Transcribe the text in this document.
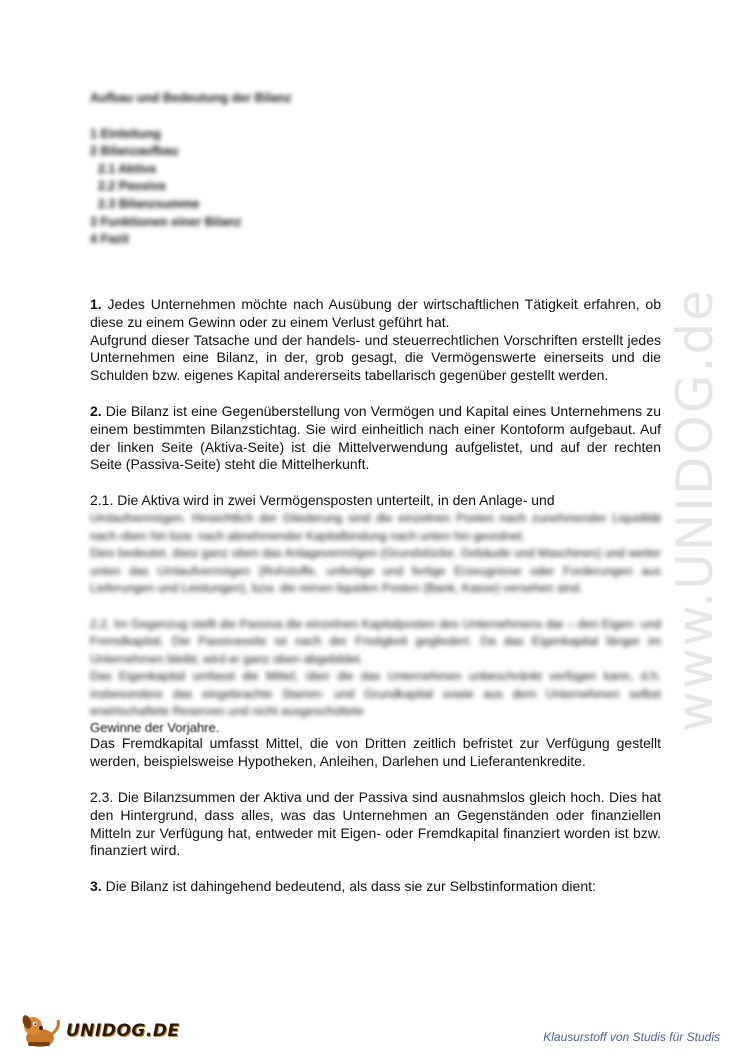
Aufbau und Bedeutung der Bilanz
1 Einleitung
2 Bilanzaufbau
2.1 Aktiva
2.2 Passiva
2.3 Bilanzsumme
3 Funktionen einer Bilanz
4 Fazit
www.UNIDOG.de

1. Jedes Unternehmen möchte nach Ausübung der wirtschaftlichen Tätigkeit erfahren, ob diese zu einem Gewinn oder zu einem Verlust geführt hat.

Aufgrund dieser Tatsache und der handels- und steuerrechtlichen Vorschriften erstellt jedes Unternehmen eine Bilanz, in der, grob gesagt, die Vermögenswerte einerseits und die Schulden bzw. eigenes Kapital andererseits tabellarisch gegenüber gestellt werden.

2. Die Bilanz ist eine Gegenüberstellung von Vermögen und Kapital eines Unternehmens zu einem bestimmten Bilanzstichtag. Sie wird einheitlich nach einer Kontoform aufgebaut. Auf der linken Seite (Aktiva-Seite) ist die Mittelverwendung aufgelistet, und auf der rechten Seite (Passiva-Seite) steht die Mittelherkunft.

2.1. Die Aktiva wird in zwei Vermögensposten unterteilt, in den Anlage- und

Umlaufvermögen. Hinsichtlich der Gliederung sind die einzelnen Posten nach zunehmender Liquidität nach oben hin bzw. nach abnehmender Kapitalbindung nach unten hin geordnet.

Dies bedeutet, dass ganz oben das Anlagevermögen (Grundstücke, Gebäude und Maschinen) und weiter unten das Umlaufvermögen (Rohstoffe, unfertige und fertige Erzeugnisse oder Forderungen aus Lieferungen und Leistungen), bzw. die reinen liquiden Posten (Bank, Kasse) versehen sind.

2.2. Im Gegenzug stellt die Passiva die einzelnen Kapitalposten des Unternehmens dar – den Eigen- und Fremdkapital. Die Passivaseite ist nach der Fristigkeit gegliedert. Da das Eigenkapital länger im Unternehmen bleibt, wird er ganz oben abgebildet.

Das Eigenkapital umfasst die Mittel, über die das Unternehmen unbeschränkt verfügen kann, d.h. insbesondere das eingebrachte Stamm- und Grundkapital sowie aus dem Unternehmen selbst erwirtschaftete Reserven und nicht ausgeschüttete

Gewinne der Vorjahre.

Das Fremdkapital umfasst Mittel, die von Dritten zeitlich befristet zur Verfügung gestellt werden, beispielsweise Hypotheken, Anleihen, Darlehen und Lieferantenkredite.

2.3. Die Bilanzsummen der Aktiva und der Passiva sind ausnahmslos gleich hoch. Dies hat den Hintergrund, dass alles, was das Unternehmen an Gegenständen oder finanziellen Mitteln zur Verfügung hat, entweder mit Eigen- oder Fremdkapital finanziert worden ist bzw. finanziert wird.

3. Die Bilanz ist dahingehend bedeutend, als dass sie zur Selbstinformation dient:

UNIDOG.DE	Klausurstoff von Studis für Studis
